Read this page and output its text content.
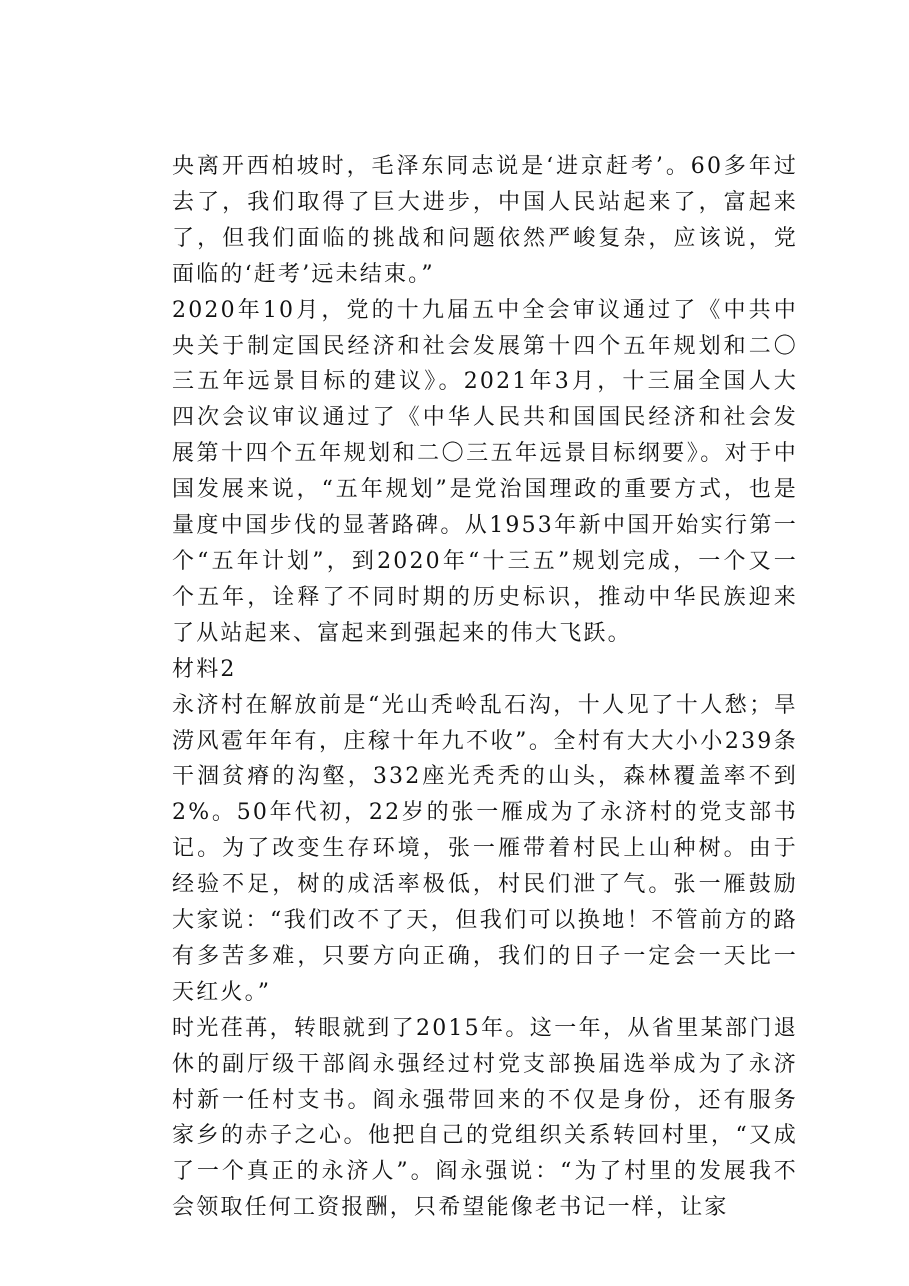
央离开西柏坡时，毛泽东同志说是‘进京赶考’。60多年过去了，我们取得了巨大进步，中国人民站起来了，富起来了，但我们面临的挑战和问题依然严峻复杂，应该说，党面临的‘赶考’远未结束。”

2020年10月，党的十九届五中全会审议通过了《中共中央关于制定国民经济和社会发展第十四个五年规划和二〇三五年远景目标的建议》。2021年3月，十三届全国人大四次会议审议通过了《中华人民共和国国民经济和社会发展第十四个五年规划和二〇三五年远景目标纲要》。对于中国发展来说，“五年规划”是党治国理政的重要方式，也是量度中国步伐的显著路碑。从1953年新中国开始实行第一个“五年计划”，到2020年“十三五”规划完成，一个又一个五年，诠释了不同时期的历史标识，推动中华民族迎来了从站起来、富起来到强起来的伟大飞跃。

材料2

永济村在解放前是“光山秃岭乱石沟，十人见了十人愁；旱涝风雹年年有，庄稼十年九不收”。全村有大大小小239条干涸贫瘠的沟壑，332座光秃秃的山头，森林覆盖率不到2%。50年代初，22岁的张一雁成为了永济村的党支部书记。为了改变生存环境，张一雁带着村民上山种树。由于经验不足，树的成活率极低，村民们泄了气。张一雁鼓励大家说：“我们改不了天，但我们可以换地！不管前方的路有多苦多难，只要方向正确，我们的日子一定会一天比一天红火。”

时光荏苒，转眼就到了2015年。这一年，从省里某部门退休的副厅级干部阎永强经过村党支部换届选举成为了永济村新一任村支书。阎永强带回来的不仅是身份，还有服务家乡的赤子之心。他把自己的党组织关系转回村里，“又成了一个真正的永济人”。阎永强说：“为了村里的发展我不会领取任何工资报酬，只希望能像老书记一样，让家
